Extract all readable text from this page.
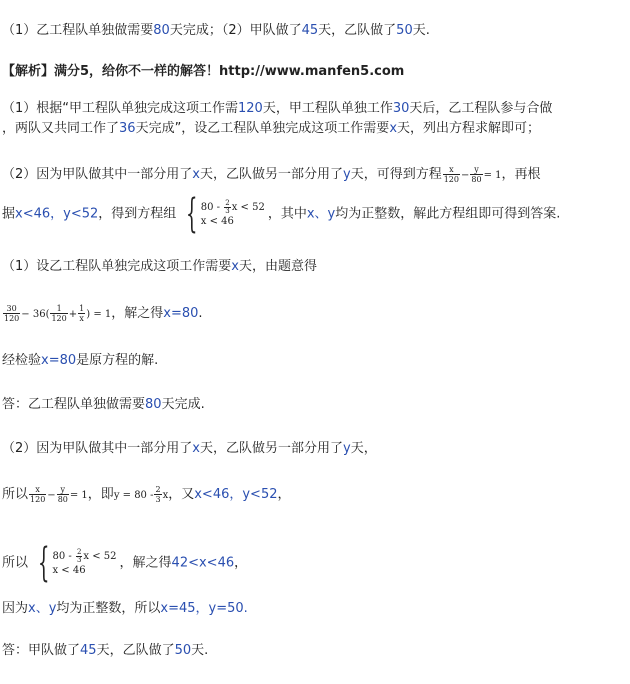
（1）乙工程队单独做需要80天完成；（2）甲队做了45天，乙队做了50天.
【解析】满分5，给你不一样的解答！http://www.manfen5.com
（1）根据“甲工程队单独完成这项工作需120天，甲工程队单独工作30天后，乙工程队参与合做
，两队又共同工作了36天完成”，设乙工程队单独完成这项工作需要x天，列出方程求解即可；
（2）因为甲队做其中一部分用了x天，乙队做另一部分用了y天，可得到方程 $\frac{x}{120} - \frac{y}{80} = 1$，再根
据x<46，y<52，得到方程组 { $80 - \frac{2}{3}$ x < 52
x < 46	，其中x、y均为正整数，解此方程组即可得到答案.
（1）设乙工程队单独完成这项工作需要x天，由题意得
$\frac{30}{120} - 36( \frac{1}{120} + \frac{1}{x}$ ) = 1，解之得x=80.
经检验x=80是原方程的解.
答：乙工程队单独做需要80天完成.
（2）因为甲队做其中一部分用了x天，乙队做另一部分用了y天，
所以 $\frac{x}{120} - \frac{y}{80} = 1$，即$y = 80 - \frac{2}{3}$ x，又x<46，y<52，
所以 { $80 - \frac{2}{3}$ x < 52
x < 46	，解之得42<x<46，
因为x、y均为正整数，所以x=45，y=50.
答：甲队做了45天，乙队做了50天.
